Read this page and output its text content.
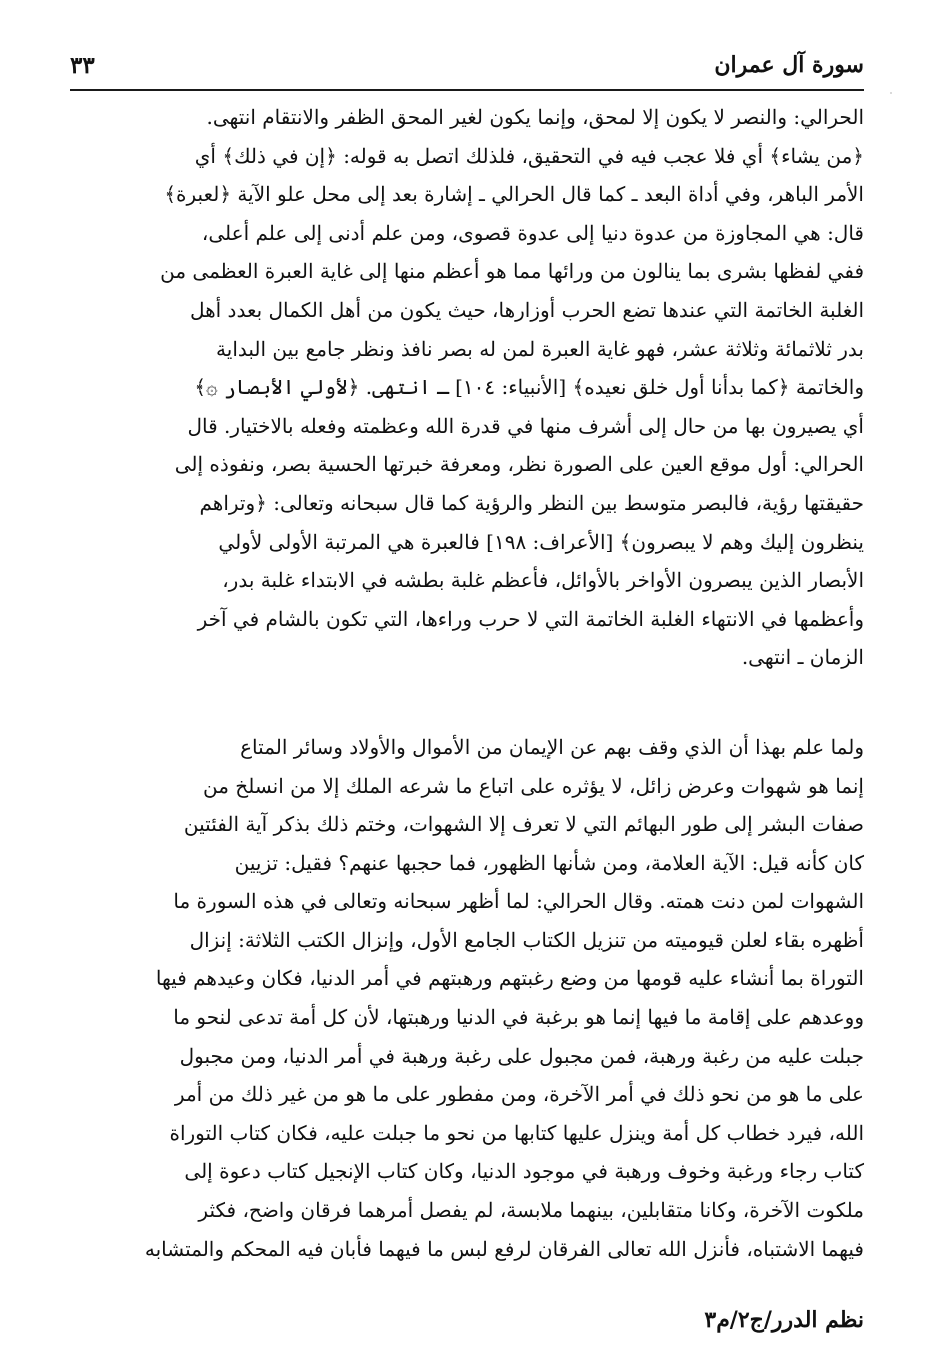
سورة آل عمران
٣٣

الحرالي: والنصر لا يكون إلا لمحق، وإنما يكون لغير المحق الظفر والانتقام انتهى.

﴿من يشاء﴾ أي فلا عجب فيه في التحقيق، فلذلك اتصل به قوله: ﴿إن في ذلك﴾ أي

الأمر الباهر، وفي أداة البعد ـ كما قال الحرالي ـ إشارة بعد إلى محل علو الآية ﴿لعبرة﴾

قال: هي المجاوزة من عدوة دنيا إلى عدوة قصوى، ومن علم أدنى إلى علم أعلى،

ففي لفظها بشرى بما ينالون من ورائها مما هو أعظم منها إلى غاية العبرة العظمى من

الغلبة الخاتمة التي عندها تضع الحرب أوزارها، حيث يكون من أهل الكمال بعدد أهل

بدر ثلاثمائة وثلاثة عشر، فهو غاية العبرة لمن له بصر نافذ ونظر جامع بين البداية

والخاتمة ﴿كما بدأنا أول خلق نعيده﴾ [الأنبياء: ١٠٤] ـ انتهى. ﴿لأولي الأبصار ۞﴾

أي يصيرون بها من حال إلى أشرف منها في قدرة الله وعظمته وفعله بالاختيار. قال

الحرالي: أول موقع العين على الصورة نظر، ومعرفة خبرتها الحسية بصر، ونفوذه إلى

حقيقتها رؤية، فالبصر متوسط بين النظر والرؤية كما قال سبحانه وتعالى: ﴿وتراهم

ينظرون إليك وهم لا يبصرون﴾ [الأعراف: ١٩٨] فالعبرة هي المرتبة الأولى لأولي

الأبصار الذين يبصرون الأواخر بالأوائل، فأعظم غلبة بطشه في الابتداء غلبة بدر،

وأعظمها في الانتهاء الغلبة الخاتمة التي لا حرب وراءها، التي تكون بالشام في آخر

الزمان ـ انتهى.

ولما علم بهذا أن الذي وقف بهم عن الإيمان من الأموال والأولاد وسائر المتاع

إنما هو شهوات وعرض زائل، لا يؤثره على اتباع ما شرعه الملك إلا من انسلخ من

صفات البشر إلى طور البهائم التي لا تعرف إلا الشهوات، وختم ذلك بذكر آية الفئتين

كان كأنه قيل: الآية العلامة، ومن شأنها الظهور، فما حجبها عنهم؟ فقيل: تزيين

الشهوات لمن دنت همته. وقال الحرالي: لما أظهر سبحانه وتعالى في هذه السورة ما

أظهره بقاء لعلن قيوميته من تنزيل الكتاب الجامع الأول، وإنزال الكتب الثلاثة: إنزال

التوراة بما أنشاء عليه قومها من وضع رغبتهم ورهبتهم في أمر الدنيا، فكان وعيدهم فيها

ووعدهم على إقامة ما فيها إنما هو برغبة في الدنيا ورهبتها، لأن كل أمة تدعى لنحو ما

جبلت عليه من رغبة ورهبة، فمن مجبول على رغبة ورهبة في أمر الدنيا، ومن مجبول

على ما هو من نحو ذلك في أمر الآخرة، ومن مفطور على ما هو من غير ذلك من أمر

الله، فيرد خطاب كل أمة وينزل عليها كتابها من نحو ما جبلت عليه، فكان كتاب التوراة

كتاب رجاء ورغبة وخوف ورهبة في موجود الدنيا، وكان كتاب الإنجيل كتاب دعوة إلى

ملكوت الآخرة، وكانا متقابلين، بينهما ملابسة، لم يفصل أمرهما فرقان واضح، فكثر

فيهما الاشتباه، فأنزل الله تعالى الفرقان لرفع لبس ما فيهما فأبان فيه المحكم والمتشابه

نظم الدرر/ج٢/م٣
